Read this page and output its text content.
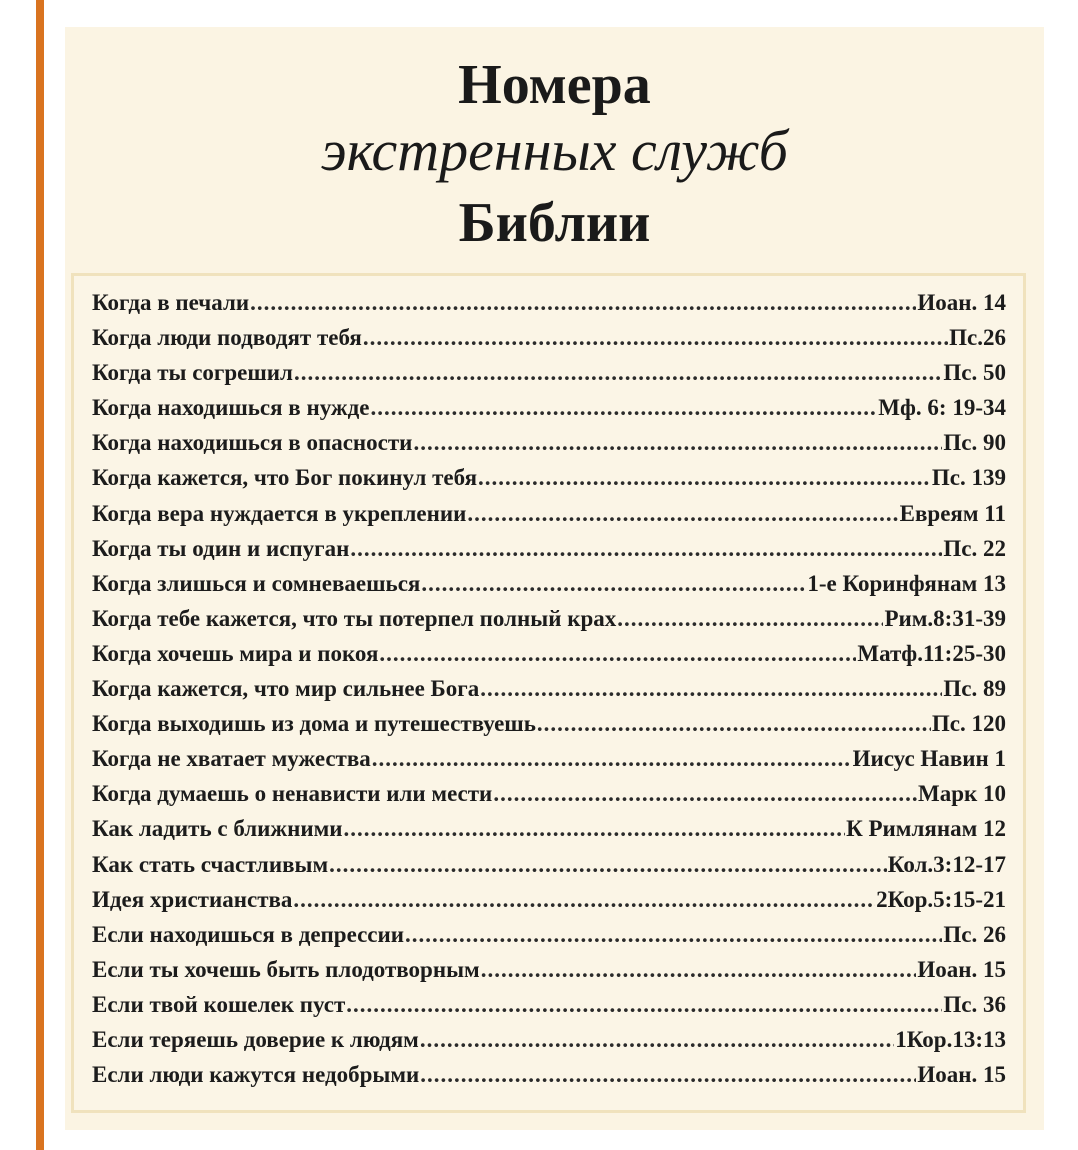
Номера
экстренных служб
Библии
Когда в печали .....	Иоан. 14
Когда люди подводят тебя .....	Пс.26
Когда ты согрешил .....	Пс. 50
Когда находишься в нужде .....	Мф. 6: 19-34
Когда находишься в опасности .....	Пс. 90
Когда кажется, что Бог покинул тебя .....	Пс. 139
Когда вера нуждается в укреплении .....	Евреям 11
Когда ты один и испуган .....	Пс. 22
Когда злишься и сомневаешься .....	1-е Коринфянам 13
Когда тебе кажется, что ты потерпел полный крах .....	Рим.8:31-39
Когда хочешь мира и покоя .....	Матф.11:25-30
Когда кажется, что мир сильнее Бога .....	Пс. 89
Когда выходишь из дома и путешествуешь .....	Пс. 120
Когда не хватает мужества .....	Иисус Навин 1
Когда думаешь о ненависти или мести .....	Марк 10
Как ладить с ближними .....	К Римлянам 12
Как стать счастливым .....	Кол.3:12-17
Идея христианства .....	2Кор.5:15-21
Если находишься в депрессии .....	Пс. 26
Если ты хочешь быть плодотворным .....	Иоан. 15
Если твой кошелек пуст .....	Пс. 36
Если теряешь доверие к людям .....	1Кор.13:13
Если люди кажутся недобрыми .....	Иоан. 15
